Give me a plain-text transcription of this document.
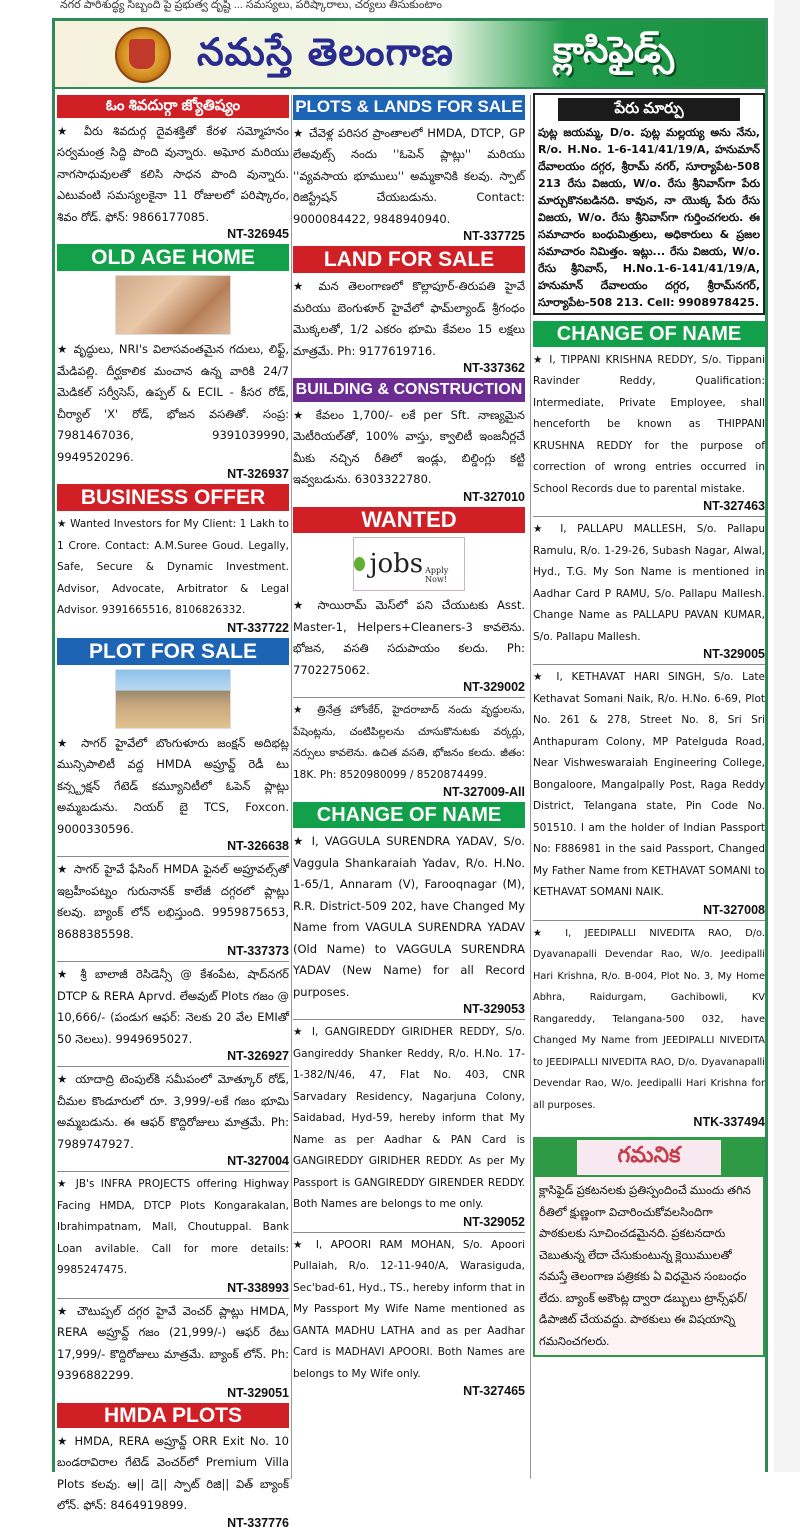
నగర పారిశుద్ధ్య సిబ్బంది పై ప్రభుత్వ దృష్టి ... సమస్యలు, పరిష్కారాలు, చర్యలు తీసుకుంటాం
నమస్తే తెలంగాణ	క్లాసిఫైడ్స్
ఓం శివదుర్గా జ్యోతిష్యం
★ వీరు శివదుర్గ దైవశక్తితో కేరళ సమ్మోహనం సర్వమంత్ర సిద్ది పొంది వున్నారు. అఘోర మరియు నాగసాధువులతో కలిసి సాధన పొంది వున్నారు. ఎటువంటి సమస్యలకైనా 11 రోజులలో పరిష్కారం, శివం రోడ్. ఫోన్: 9866177085.
NT-326945
OLD AGE HOME
★ వృద్ధులు, NRI's విలాసవంతమైన గదులు, లిఫ్ట్, మేడిపల్లి. దీర్ఘకాలిక మంచాన ఉన్న వారికి 24/7 మెడికల్ సర్వీసెస్, ఉప్పల్ & ECIL - కీసర రోడ్, చీర్యాల్ 'X' రోడ్, భోజన వసతితో. సంప్ర: 7981467036, 9391039990, 9949520296.
NT-326937
BUSINESS OFFER
★ Wanted Investors for My Client: 1 Lakh to 1 Crore. Contact: A.M.Suree Goud. Legally, Safe, Secure & Dynamic Investment. Advisor, Advocate, Arbitrator & Legal Advisor. 9391665516, 8106826332.
NT-337722
PLOT FOR SALE
★ సాగర్ హైవేలో బొంగుళూరు జంక్షన్ అదిభట్ల మున్సిపాలిటీ వద్ద HMDA అప్రూవ్డ్ రెడీ టు కన్స్ట్రక్షన్ గేటెడ్ కమ్యూనిటీలో ఓపెన్ ప్లాట్లు అమ్మబడును. నియర్ బై TCS, Foxcon. 9000330596.
NT-326638
★ సాగర్ హైవే ఫేసింగ్ HMDA ఫైనల్ అప్రూవల్స్‌తో ఇబ్రహీంపట్నం గురునానక్ కాలేజీ దగ్గరలో ప్లాట్లు కలవు. బ్యాంక్ లోన్ లభిస్తుంది. 9959875653, 8688385598.
NT-337373
★ శ్రీ బాలాజీ రెసిడెన్సీ @ కేశంపేట, షాద్‌నగర్ DTCP & RERA Aprvd. లేఅవుట్ Plots గజం @ 10,666/- (పండుగ ఆఫర్: నెలకు 20 వేల EMIతో 50 నెలలు). 9949695027.
NT-326927
★ యాదాద్రి టెంపుల్‌కి సమీపంలో మోత్కూర్ రోడ్, చీమల కొండూరులో రూ. 3,999/-లకే గజం భూమి అమ్మబడును. ఈ ఆఫర్ కొద్దిరోజులు మాత్రమే. Ph: 7989747927.
NT-327004
★ JB's INFRA PROJECTS offering Highway Facing HMDA, DTCP Plots Kongarakalan, Ibrahimpatnam, Mall, Choutuppal. Bank Loan avilable. Call for more details: 9985247475.
NT-338993
★ చౌటుప్పల్ దగ్గర హైవే వెంచర్ ప్లాట్లు HMDA, RERA అప్రూవ్డ్ గజం (21,999/-) ఆఫర్ రేటు 17,999/- కొద్దిరోజులు మాత్రమే. బ్యాంక్ లోన్. Ph: 9396882299.
NT-329051
HMDA PLOTS
★ HMDA, RERA అప్రూవ్డ్ ORR Exit No. 10 బండరావిరాల గేటెడ్ వెంచర్‌లో Premium Villa Plots కలవు. ఆ|| డె|| స్పాట్ రిజి|| విత్ బ్యాంక్ లోన్. ఫోన్: 8464919899.
NT-337776
PLOTS & LANDS FOR SALE
★ చేవెళ్ల పరిసర ప్రాంతాలలో HMDA, DTCP, GP లేఅవుట్స్ నందు ''ఓపెన్ ప్లాట్లు'' మరియు ''వ్యవసాయ భూములు'' అమ్మకానికి కలవు. స్పాట్ రిజిస్ట్రేషన్ చేయబడును. Contact: 9000084422, 9848940940.
NT-337725
LAND FOR SALE
★ మన తెలంగాణలో కొల్లాపూర్-తిరుపతి హైవే మరియు బెంగుళూర్ హైవేలో ఫామ్‌ల్యాండ్ శ్రీగంధం మొక్కలతో, 1/2 ఎకరం భూమి కేవలం 15 లక్షలు మాత్రమే. Ph: 9177619716.
NT-337362
BUILDING & CONSTRUCTION
★ కేవలం 1,700/- లకే per Sft. నాణ్యమైన మెటీరియల్‌తో, 100% వాస్తు, క్వాలిటీ ఇంజనీర్లచే మీకు నచ్చిన రీతిలో ఇండ్లు, బిల్డింగ్లు కట్టి ఇవ్వబడును. 6303322780.
NT-327010
WANTED
jobs Apply Now!
★ సాయిరామ్ మెస్‌లో పని చేయుటకు Asst. Master-1, Helpers+Cleaners-3 కావలెను. భోజన, వసతి సదుపాయం కలదు. Ph: 7702275062.
NT-329002
★ త్రినేత్ర హోంకేర్, హైదరాబాద్ నందు వృద్ధులను, పేషెంట్లను, చంటిపిల్లలను చూసుకొనుటకు వర్కర్లు, నర్సులు కావలెను. ఉచిత వసతి, భోజనం కలదు. జీతం: 18K. Ph: 8520980099 / 8520874499.
NT-327009-All
CHANGE OF NAME
★ I, VAGGULA SURENDRA YADAV, S/o. Vaggula Shankaraiah Yadav, R/o. H.No. 1-65/1, Annaram (V), Farooqnagar (M), R.R. District-509 202, have Changed My Name from VAGULA SURENDRA YADAV (Old Name) to VAGGULA SURENDRA YADAV (New Name) for all Record purposes.
NT-329053
★ I, GANGIREDDY GIRIDHER REDDY, S/o. Gangireddy Shanker Reddy, R/o. H.No. 17-1-382/N/46, 47, Flat No. 403, CNR Sarvadary Residency, Nagarjuna Colony, Saidabad, Hyd-59, hereby inform that My Name as per Aadhar & PAN Card is GANGIREDDY GIRIDHER REDDY. As per My Passport is GANGIREDDY GIRENDER REDDY. Both Names are belongs to me only.
NT-329052
★ I, APOORI RAM MOHAN, S/o. Apoori Pullaiah, R/o. 12-11-940/A, Warasiguda, Sec'bad-61, Hyd., TS., hereby inform that in My Passport My Wife Name mentioned as GANTA MADHU LATHA and as per Aadhar Card is MADHAVI APOORI. Both Names are belongs to My Wife only.
NT-327465
పేరు మార్పు
పుట్ల జయమ్మ, D/o. పుట్ల మల్లయ్య అను నేను, R/o. H.No. 1-6-141/41/19/A, హనుమాన్ దేవాలయం దగ్గర, శ్రీరామ్ నగర్, సూర్యాపేట-508 213 రేసు విజయ, W/o. రేసు శ్రీనివాస్‌గా పేరు మార్చుకొనబడినది. కావున, నా యొక్క పేరు రేసు విజయ, W/o. రేసు శ్రీనివాస్‌గా గుర్తించగలరు. ఈ సమాచారం బంధుమిత్రులు, అధికారులు & ప్రజల సమాచారం నిమిత్తం. ఇట్లు... రేసు విజయ, W/o. రేసు శ్రీనివాస్, H.No.1-6-141/41/19/A, హనుమాన్ దేవాలయం దగ్గర, శ్రీరామ్‌నగర్, సూర్యాపేట-508 213. Cell: 9908978425.
CHANGE OF NAME
★ I, TIPPANI KRISHNA REDDY, S/o. Tippani Ravinder Reddy, Qualification: Intermediate, Private Employee, shall henceforth be known as THIPPANI KRUSHNA REDDY for the purpose of correction of wrong entries occurred in School Records due to parental mistake.
NT-327463
★ I, PALLAPU MALLESH, S/o. Pallapu Ramulu, R/o. 1-29-26, Subash Nagar, Alwal, Hyd., T.G. My Son Name is mentioned in Aadhar Card P RAMU, S/o. Pallapu Mallesh. Change Name as PALLAPU PAVAN KUMAR, S/o. Pallapu Mallesh.
NT-329005
★ I, KETHAVAT HARI SINGH, S/o. Late Kethavat Somani Naik, R/o. H.No. 6-69, Plot No. 261 & 278, Street No. 8, Sri Sri Anthapuram Colony, MP Patelguda Road, Near Vishweswaraiah Engineering College, Bongaloore, Mangalpally Post, Raga Reddy District, Telangana state, Pin Code No. 501510. I am the holder of Indian Passport No: F886981 in the said Passport, Changed My Father Name from KETHAVAT SOMANI to KETHAVAT SOMANI NAIK.
NT-327008
★ I, JEEDIPALLI NIVEDITA RAO, D/o. Dyavanapalli Devendar Rao, W/o. Jeedipalli Hari Krishna, R/o. B-004, Plot No. 3, My Home Abhra, Raidurgam, Gachibowli, KV Rangareddy, Telangana-500 032, have Changed My Name from JEEDIPALLI NIVEDITA to JEEDIPALLI NIVEDITA RAO, D/o. Dyavanapalli Devendar Rao, W/o. Jeedipalli Hari Krishna for all purposes.
NTK-337494
గమనిక
క్లాసిఫైడ్ ప్రకటనలకు ప్రతిస్పందించే ముందు తగిన రీతిలో క్షుణ్ణంగా విచారించుకోవలసిందిగా పాఠకులకు సూచించడమైనది. ప్రకటనదారు చెబుతున్న లేదా చేసుకుంటున్న క్లెయిములతో నమస్తే తెలంగాణ పత్రికకు ఏ విధమైన సంబంధం లేదు. బ్యాంక్ అకౌంట్ల ద్వారా డబ్బులు ట్రాన్స్‌ఫర్/డిపాజిట్ చేయవద్దు. పాఠకులు ఈ విషయాన్ని గమనించగలరు.
